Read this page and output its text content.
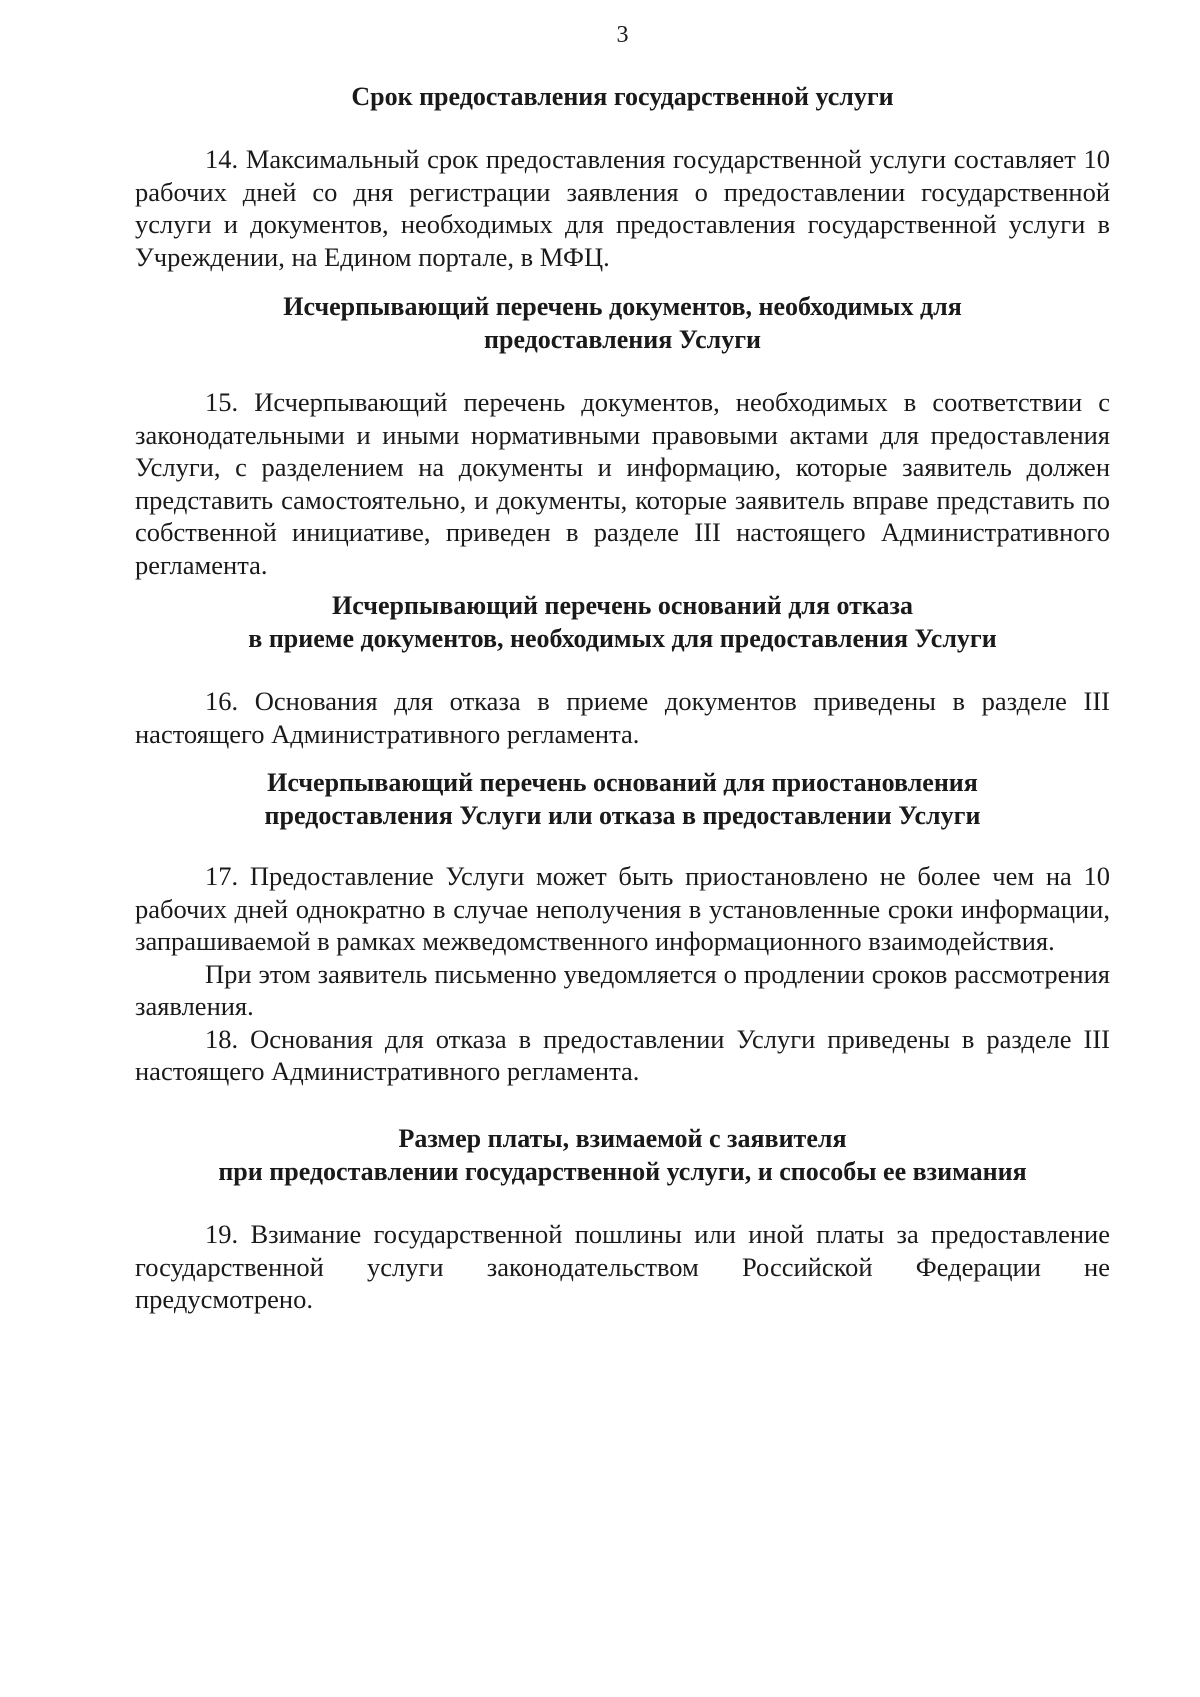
3

Срок предоставления государственной услуги

14. Максимальный срок предоставления государственной услуги составляет 10 рабочих дней со дня регистрации заявления о предоставлении государственной услуги и документов, необходимых для предоставления государственной услуги в Учреждении, на Едином портале, в МФЦ.

Исчерпывающий перечень документов, необходимых для

предоставления Услуги

15. Исчерпывающий перечень документов, необходимых в соответствии с законодательными и иными нормативными правовыми актами для предоставления Услуги, с разделением на документы и информацию, которые заявитель должен представить самостоятельно, и документы, которые заявитель вправе представить по собственной инициативе, приведен в разделе III настоящего Административного регламента.

Исчерпывающий перечень оснований для отказа

в приеме документов, необходимых для предоставления Услуги

16. Основания для отказа в приеме документов приведены в разделе III настоящего Административного регламента.

Исчерпывающий перечень оснований для приостановления

предоставления Услуги или отказа в предоставлении Услуги

17. Предоставление Услуги может быть приостановлено не более чем на 10 рабочих дней однократно в случае неполучения в установленные сроки информации, запрашиваемой в рамках межведомственного информационного взаимодействия.

При этом заявитель письменно уведомляется о продлении сроков рассмотрения заявления.

18. Основания для отказа в предоставлении Услуги приведены в разделе III настоящего Административного регламента.

Размер платы, взимаемой с заявителя

при предоставлении государственной услуги, и способы ее взимания

19. Взимание государственной пошлины или иной платы за предоставление государственной услуги законодательством Российской Федерации не предусмотрено.
